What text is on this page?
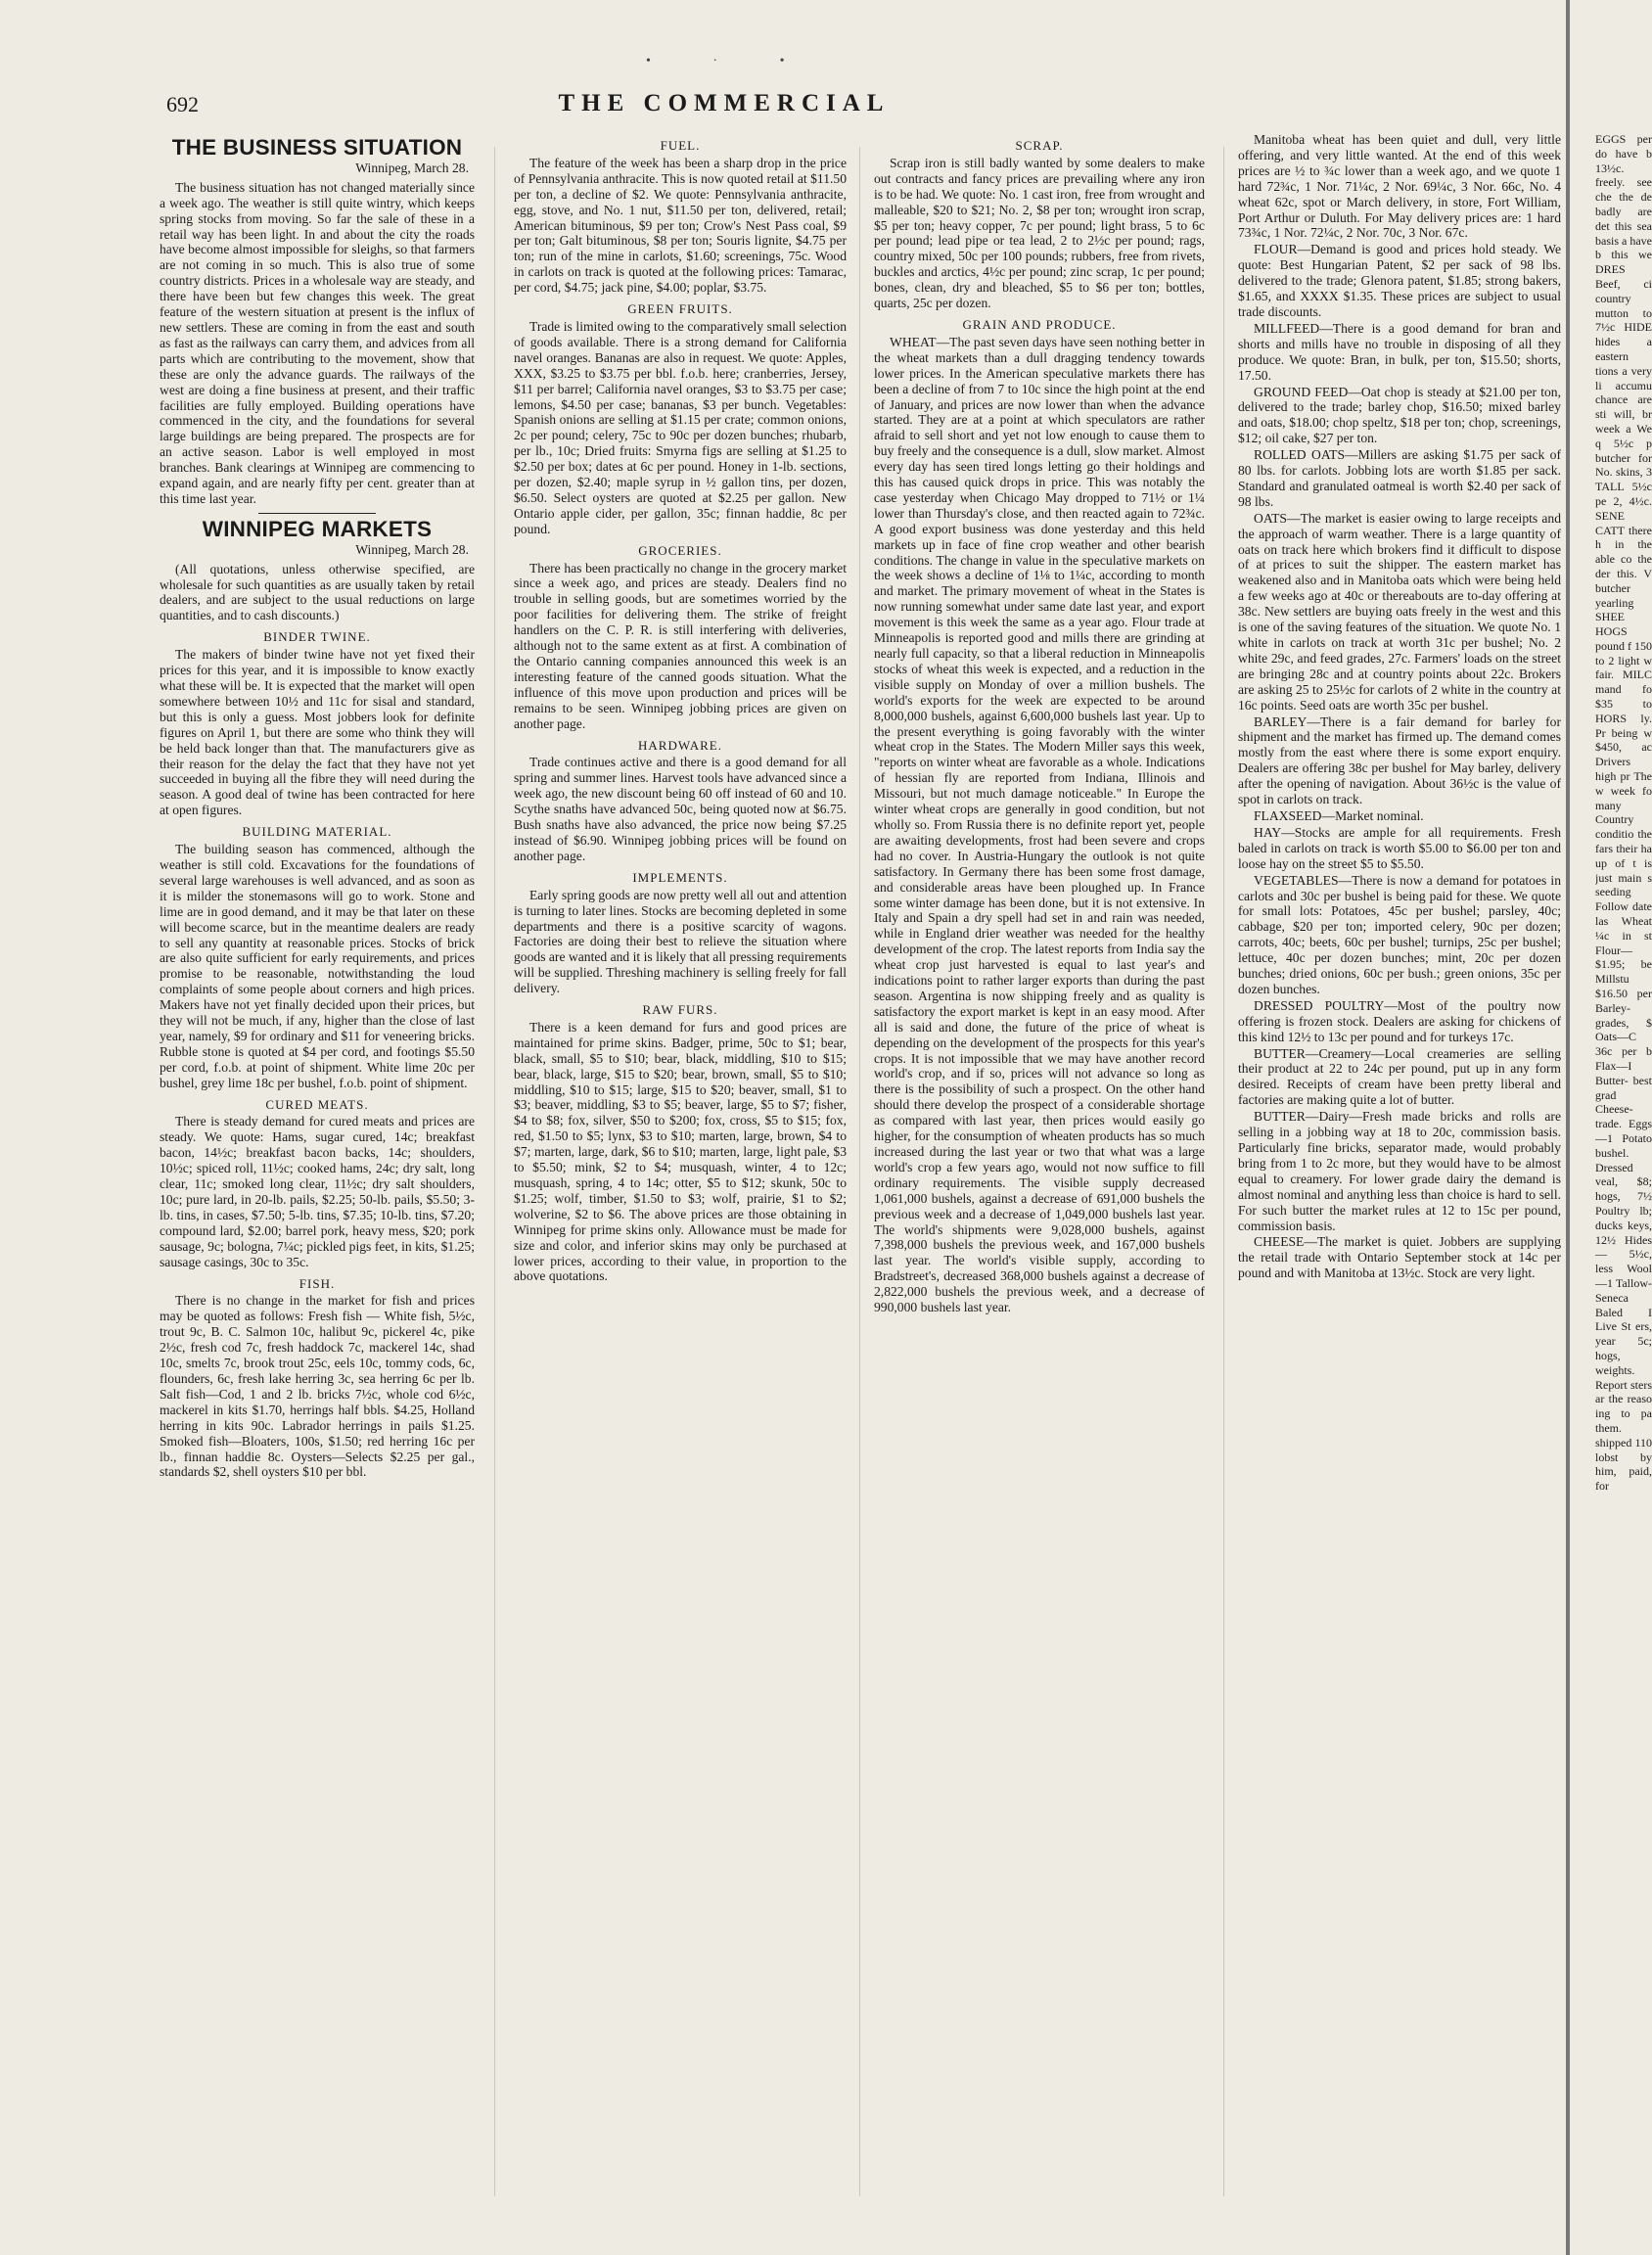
• · •
692	THE COMMERCIAL
THE BUSINESS SITUATION
Winnipeg, March 28.

The business situation has not changed materially since a week ago. The weather is still quite wintry, which keeps spring stocks from moving. So far the sale of these in a retail way has been light. In and about the city the roads have become almost impossible for sleighs, so that farmers are not coming in so much. This is also true of some country districts. Prices in a wholesale way are steady, and there have been but few changes this week. The great feature of the western situation at present is the influx of new settlers. These are coming in from the east and south as fast as the railways can carry them, and advices from all parts which are contributing to the movement, show that these are only the advance guards. The railways of the west are doing a fine business at present, and their traffic facilities are fully employed. Building operations have commenced in the city, and the foundations for several large buildings are being prepared. The prospects are for an active season. Labor is well employed in most branches. Bank clearings at Winnipeg are commencing to expand again, and are nearly fifty per cent. greater than at this time last year.

WINNIPEG MARKETS
Winnipeg, March 28.

(All quotations, unless otherwise specified, are wholesale for such quantities as are usually taken by retail dealers, and are subject to the usual reductions on large quantities, and to cash discounts.)

BINDER TWINE.

The makers of binder twine have not yet fixed their prices for this year, and it is impossible to know exactly what these will be. It is expected that the market will open somewhere between 10½ and 11c for sisal and standard, but this is only a guess. Most jobbers look for definite figures on April 1, but there are some who think they will be held back longer than that. The manufacturers give as their reason for the delay the fact that they have not yet succeeded in buying all the fibre they will need during the season. A good deal of twine has been contracted for here at open figures.

BUILDING MATERIAL.

The building season has commenced, although the weather is still cold. Excavations for the foundations of several large warehouses is well advanced, and as soon as it is milder the stonemasons will go to work. Stone and lime are in good demand, and it may be that later on these will become scarce, but in the meantime dealers are ready to sell any quantity at reasonable prices. Stocks of brick are also quite sufficient for early requirements, and prices promise to be reasonable, notwithstanding the loud complaints of some people about corners and high prices. Makers have not yet finally decided upon their prices, but they will not be much, if any, higher than the close of last year, namely, $9 for ordinary and $11 for veneering bricks. Rubble stone is quoted at $4 per cord, and footings $5.50 per cord, f.o.b. at point of shipment. White lime 20c per bushel, grey lime 18c per bushel, f.o.b. point of shipment.

CURED MEATS.

There is steady demand for cured meats and prices are steady. We quote: Hams, sugar cured, 14c; breakfast bacon, 14½c; breakfast bacon backs, 14c; shoulders, 10½c; spiced roll, 11½c; cooked hams, 24c; dry salt, long clear, 11c; smoked long clear, 11½c; dry salt shoulders, 10c; pure lard, in 20-lb. pails, $2.25; 50-lb. pails, $5.50; 3-lb. tins, in cases, $7.50; 5-lb. tins, $7.35; 10-lb. tins, $7.20; compound lard, $2.00; barrel pork, heavy mess, $20; pork sausage, 9c; bologna, 7¼c; pickled pigs feet, in kits, $1.25; sausage casings, 30c to 35c.

FISH.

There is no change in the market for fish and prices may be quoted as follows: Fresh fish — White fish, 5½c, trout 9c, B. C. Salmon 10c, halibut 9c, pickerel 4c, pike 2½c, fresh cod 7c, fresh haddock 7c, mackerel 14c, shad 10c, smelts 7c, brook trout 25c, eels 10c, tommy cods, 6c, flounders, 6c, fresh lake herring 3c, sea herring 6c per lb. Salt fish—Cod, 1 and 2 lb. bricks 7½c, whole cod 6½c, mackerel in kits $1.70, herrings half bbls. $4.25, Holland herring in kits 90c. Labrador herrings in pails $1.25. Smoked fish—Bloaters, 100s, $1.50; red herring 16c per lb., finnan haddie 8c. Oysters—Selects $2.25 per gal., standards $2, shell oysters $10 per bbl.

FUEL.

The feature of the week has been a sharp drop in the price of Pennsylvania anthracite. This is now quoted retail at $11.50 per ton, a decline of $2. We quote: Pennsylvania anthracite, egg, stove, and No. 1 nut, $11.50 per ton, delivered, retail; American bituminous, $9 per ton; Crow's Nest Pass coal, $9 per ton; Galt bituminous, $8 per ton; Souris lignite, $4.75 per ton; run of the mine in carlots, $1.60; screenings, 75c. Wood in carlots on track is quoted at the following prices: Tamarac, per cord, $4.75; jack pine, $4.00; poplar, $3.75.

GREEN FRUITS.

Trade is limited owing to the comparatively small selection of goods available. There is a strong demand for California navel oranges. Bananas are also in request. We quote: Apples, XXX, $3.25 to $3.75 per bbl. f.o.b. here; cranberries, Jersey, $11 per barrel; California navel oranges, $3 to $3.75 per case; lemons, $4.50 per case; bananas, $3 per bunch. Vegetables: Spanish onions are selling at $1.15 per crate; common onions, 2c per pound; celery, 75c to 90c per dozen bunches; rhubarb, per lb., 10c; Dried fruits: Smyrna figs are selling at $1.25 to $2.50 per box; dates at 6c per pound. Honey in 1-lb. sections, per dozen, $2.40; maple syrup in ½ gallon tins, per dozen, $6.50. Select oysters are quoted at $2.25 per gallon. New Ontario apple cider, per gallon, 35c; finnan haddie, 8c per pound.

GROCERIES.

There has been practically no change in the grocery market since a week ago, and prices are steady. Dealers find no trouble in selling goods, but are sometimes worried by the poor facilities for delivering them. The strike of freight handlers on the C. P. R. is still interfering with deliveries, although not to the same extent as at first. A combination of the Ontario canning companies announced this week is an interesting feature of the canned goods situation. What the influence of this move upon production and prices will be remains to be seen. Winnipeg jobbing prices are given on another page.

HARDWARE.

Trade continues active and there is a good demand for all spring and summer lines. Harvest tools have advanced since a week ago, the new discount being 60 off instead of 60 and 10. Scythe snaths have advanced 50c, being quoted now at $6.75. Bush snaths have also advanced, the price now being $7.25 instead of $6.90. Winnipeg jobbing prices will be found on another page.

IMPLEMENTS.

Early spring goods are now pretty well all out and attention is turning to later lines. Stocks are becoming depleted in some departments and there is a positive scarcity of wagons. Factories are doing their best to relieve the situation where goods are wanted and it is likely that all pressing requirements will be supplied. Threshing machinery is selling freely for fall delivery.

RAW FURS.

There is a keen demand for furs and good prices are maintained for prime skins. Badger, prime, 50c to $1; bear, black, small, $5 to $10; bear, black, middling, $10 to $15; bear, black, large, $15 to $20; bear, brown, small, $5 to $10; middling, $10 to $15; large, $15 to $20; beaver, small, $1 to $3; beaver, middling, $3 to $5; beaver, large, $5 to $7; fisher, $4 to $8; fox, silver, $50 to $200; fox, cross, $5 to $15; fox, red, $1.50 to $5; lynx, $3 to $10; marten, large, brown, $4 to $7; marten, large, dark, $6 to $10; marten, large, light pale, $3 to $5.50; mink, $2 to $4; musquash, winter, 4 to 12c; musquash, spring, 4 to 14c; otter, $5 to $12; skunk, 50c to $1.25; wolf, timber, $1.50 to $3; wolf, prairie, $1 to $2; wolverine, $2 to $6. The above prices are those obtaining in Winnipeg for prime skins only. Allowance must be made for size and color, and inferior skins may only be purchased at lower prices, according to their value, in proportion to the above quotations.

SCRAP.

Scrap iron is still badly wanted by some dealers to make out contracts and fancy prices are prevailing where any iron is to be had. We quote: No. 1 cast iron, free from wrought and malleable, $20 to $21; No. 2, $8 per ton; wrought iron scrap, $5 per ton; heavy copper, 7c per pound; light brass, 5 to 6c per pound; lead pipe or tea lead, 2 to 2½c per pound; rags, country mixed, 50c per 100 pounds; rubbers, free from rivets, buckles and arctics, 4½c per pound; zinc scrap, 1c per pound; bones, clean, dry and bleached, $5 to $6 per ton; bottles, quarts, 25c per dozen.

GRAIN AND PRODUCE.

WHEAT—The past seven days have seen nothing better in the wheat markets than a dull dragging tendency towards lower prices. In the American speculative markets there has been a decline of from 7 to 10c since the high point at the end of January, and prices are now lower than when the advance started. They are at a point at which speculators are rather afraid to sell short and yet not low enough to cause them to buy freely and the consequence is a dull, slow market. Almost every day has seen tired longs letting go their holdings and this has caused quick drops in price. This was notably the case yesterday when Chicago May dropped to 71½ or 1¼ lower than Thursday's close, and then reacted again to 72¾c. A good export business was done yesterday and this held markets up in face of fine crop weather and other bearish conditions. The change in value in the speculative markets on the week shows a decline of 1⅛ to 1¼c, according to month and market. The primary movement of wheat in the States is now running somewhat under same date last year, and export movement is this week the same as a year ago. Flour trade at Minneapolis is reported good and mills there are grinding at nearly full capacity, so that a liberal reduction in Minneapolis stocks of wheat this week is expected, and a reduction in the visible supply on Monday of over a million bushels. The world's exports for the week are expected to be around 8,000,000 bushels, against 6,600,000 bushels last year. Up to the present everything is going favorably with the winter wheat crop in the States. The Modern Miller says this week, "reports on winter wheat are favorable as a whole. Indications of hessian fly are reported from Indiana, Illinois and Missouri, but not much damage noticeable." In Europe the winter wheat crops are generally in good condition, but not wholly so. From Russia there is no definite report yet, people are awaiting developments, frost had been severe and crops had no cover. In Austria-Hungary the outlook is not quite satisfactory. In Germany there has been some frost damage, and considerable areas have been ploughed up. In France some winter damage has been done, but it is not extensive. In Italy and Spain a dry spell had set in and rain was needed, while in England drier weather was needed for the healthy development of the crop. The latest reports from India say the wheat crop just harvested is equal to last year's and indications point to rather larger exports than during the past season. Argentina is now shipping freely and as quality is satisfactory the export market is kept in an easy mood. After all is said and done, the future of the price of wheat is depending on the development of the prospects for this year's crops. It is not impossible that we may have another record world's crop, and if so, prices will not advance so long as there is the possibility of such a prospect. On the other hand should there develop the prospect of a considerable shortage as compared with last year, then prices would easily go higher, for the consumption of wheaten products has so much increased during the last year or two that what was a large world's crop a few years ago, would not now suffice to fill ordinary requirements. The visible supply decreased 1,061,000 bushels, against a decrease of 691,000 bushels the previous week and a decrease of 1,049,000 bushels last year. The world's shipments were 9,028,000 bushels, against 7,398,000 bushels the previous week, and 167,000 bushels last year. The world's visible supply, according to Bradstreet's, decreased 368,000 bushels against a decrease of 2,822,000 bushels the previous week, and a decrease of 990,000 bushels last year.

Manitoba wheat has been quiet and dull, very little offering, and very little wanted. At the end of this week prices are ½ to ¾c lower than a week ago, and we quote 1 hard 72¾c, 1 Nor. 71¼c, 2 Nor. 69¼c, 3 Nor. 66c, No. 4 wheat 62c, spot or March delivery, in store, Fort William, Port Arthur or Duluth. For May delivery prices are: 1 hard 73¾c, 1 Nor. 72¼c, 2 Nor. 70c, 3 Nor. 67c.

FLOUR—Demand is good and prices hold steady. We quote: Best Hungarian Patent, $2 per sack of 98 lbs. delivered to the trade; Glenora patent, $1.85; strong bakers, $1.65, and XXXX $1.35. These prices are subject to usual trade discounts.

MILLFEED—There is a good demand for bran and shorts and mills have no trouble in disposing of all they produce. We quote: Bran, in bulk, per ton, $15.50; shorts, 17.50.

GROUND FEED—Oat chop is steady at $21.00 per ton, delivered to the trade; barley chop, $16.50; mixed barley and oats, $18.00; chop speltz, $18 per ton; chop, screenings, $12; oil cake, $27 per ton.

ROLLED OATS—Millers are asking $1.75 per sack of 80 lbs. for carlots. Jobbing lots are worth $1.85 per sack. Standard and granulated oatmeal is worth $2.40 per sack of 98 lbs.

OATS—The market is easier owing to large receipts and the approach of warm weather. There is a large quantity of oats on track here which brokers find it difficult to dispose of at prices to suit the shipper. The eastern market has weakened also and in Manitoba oats which were being held a few weeks ago at 40c or thereabouts are to-day offering at 38c. New settlers are buying oats freely in the west and this is one of the saving features of the situation. We quote No. 1 white in carlots on track at worth 31c per bushel; No. 2 white 29c, and feed grades, 27c. Farmers' loads on the street are bringing 28c and at country points about 22c. Brokers are asking 25 to 25½c for carlots of 2 white in the country at 16c points. Seed oats are worth 35c per bushel.

BARLEY—There is a fair demand for barley for shipment and the market has firmed up. The demand comes mostly from the east where there is some export enquiry. Dealers are offering 38c per bushel for May barley, delivery after the opening of navigation. About 36½c is the value of spot in carlots on track.

FLAXSEED—Market nominal.

HAY—Stocks are ample for all requirements. Fresh baled in carlots on track is worth $5.00 to $6.00 per ton and loose hay on the street $5 to $5.50.

VEGETABLES—There is now a demand for potatoes in carlots and 30c per bushel is being paid for these. We quote for small lots: Potatoes, 45c per bushel; parsley, 40c; cabbage, $20 per ton; imported celery, 90c per dozen; carrots, 40c; beets, 60c per bushel; turnips, 25c per bushel; lettuce, 40c per dozen bunches; mint, 20c per dozen bunches; dried onions, 60c per bush.; green onions, 35c per dozen bunches.

DRESSED POULTRY—Most of the poultry now offering is frozen stock. Dealers are asking for chickens of this kind 12½ to 13c per pound and for turkeys 17c.

BUTTER—Creamery—Local creameries are selling their product at 22 to 24c per pound, put up in any form desired. Receipts of cream have been pretty liberal and factories are making quite a lot of butter.

BUTTER—Dairy—Fresh made bricks and rolls are selling in a jobbing way at 18 to 20c, commission basis. Particularly fine bricks, separator made, would probably bring from 1 to 2c more, but they would have to be almost equal to creamery. For lower grade dairy the demand is almost nominal and anything less than choice is hard to sell. For such butter the market rules at 12 to 15c per pound, commission basis.

CHEESE—The market is quiet. Jobbers are supplying the retail trade with Ontario September stock at 14c per pound and with Manitoba at 13½c. Stock are very light.

EGGS per do have b 13½c. freely. see che the de badly are det this sea basis a have b this we DRES Beef, ci country mutton to 7½c HIDE hides a eastern tions a very li accumu chance are sti will, br week a We q 5½c p butcher for No. skins, 3 TALL 5½c pe 2, 4½c. SENE CATT there h in the able co the der this. V butcher yearling SHEE HOGS pound f 150 to 2 light w fair. MILC mand fo $35 to HORS ly. Pr being w $450, ac Drivers high pr The w week fo many Country conditio the fars their ha up of t is just main s seeding Follow date las Wheat ¼c in st Flour— $1.95; be Millstu $16.50 per Barley- grades, $ Oats—C 36c per b Flax—I Butter- best grad Cheese- trade. Eggs—1 Potato bushel. Dressed veal, $8; hogs, 7½ Poultry lb; ducks keys, 12½ Hides— 5½c, less Wool—1 Tallow- Seneca Baled I Live St ers, year 5c; hogs, weights. Report sters ar the reaso ing to pa them. shipped 110 lobst by him, paid, for
